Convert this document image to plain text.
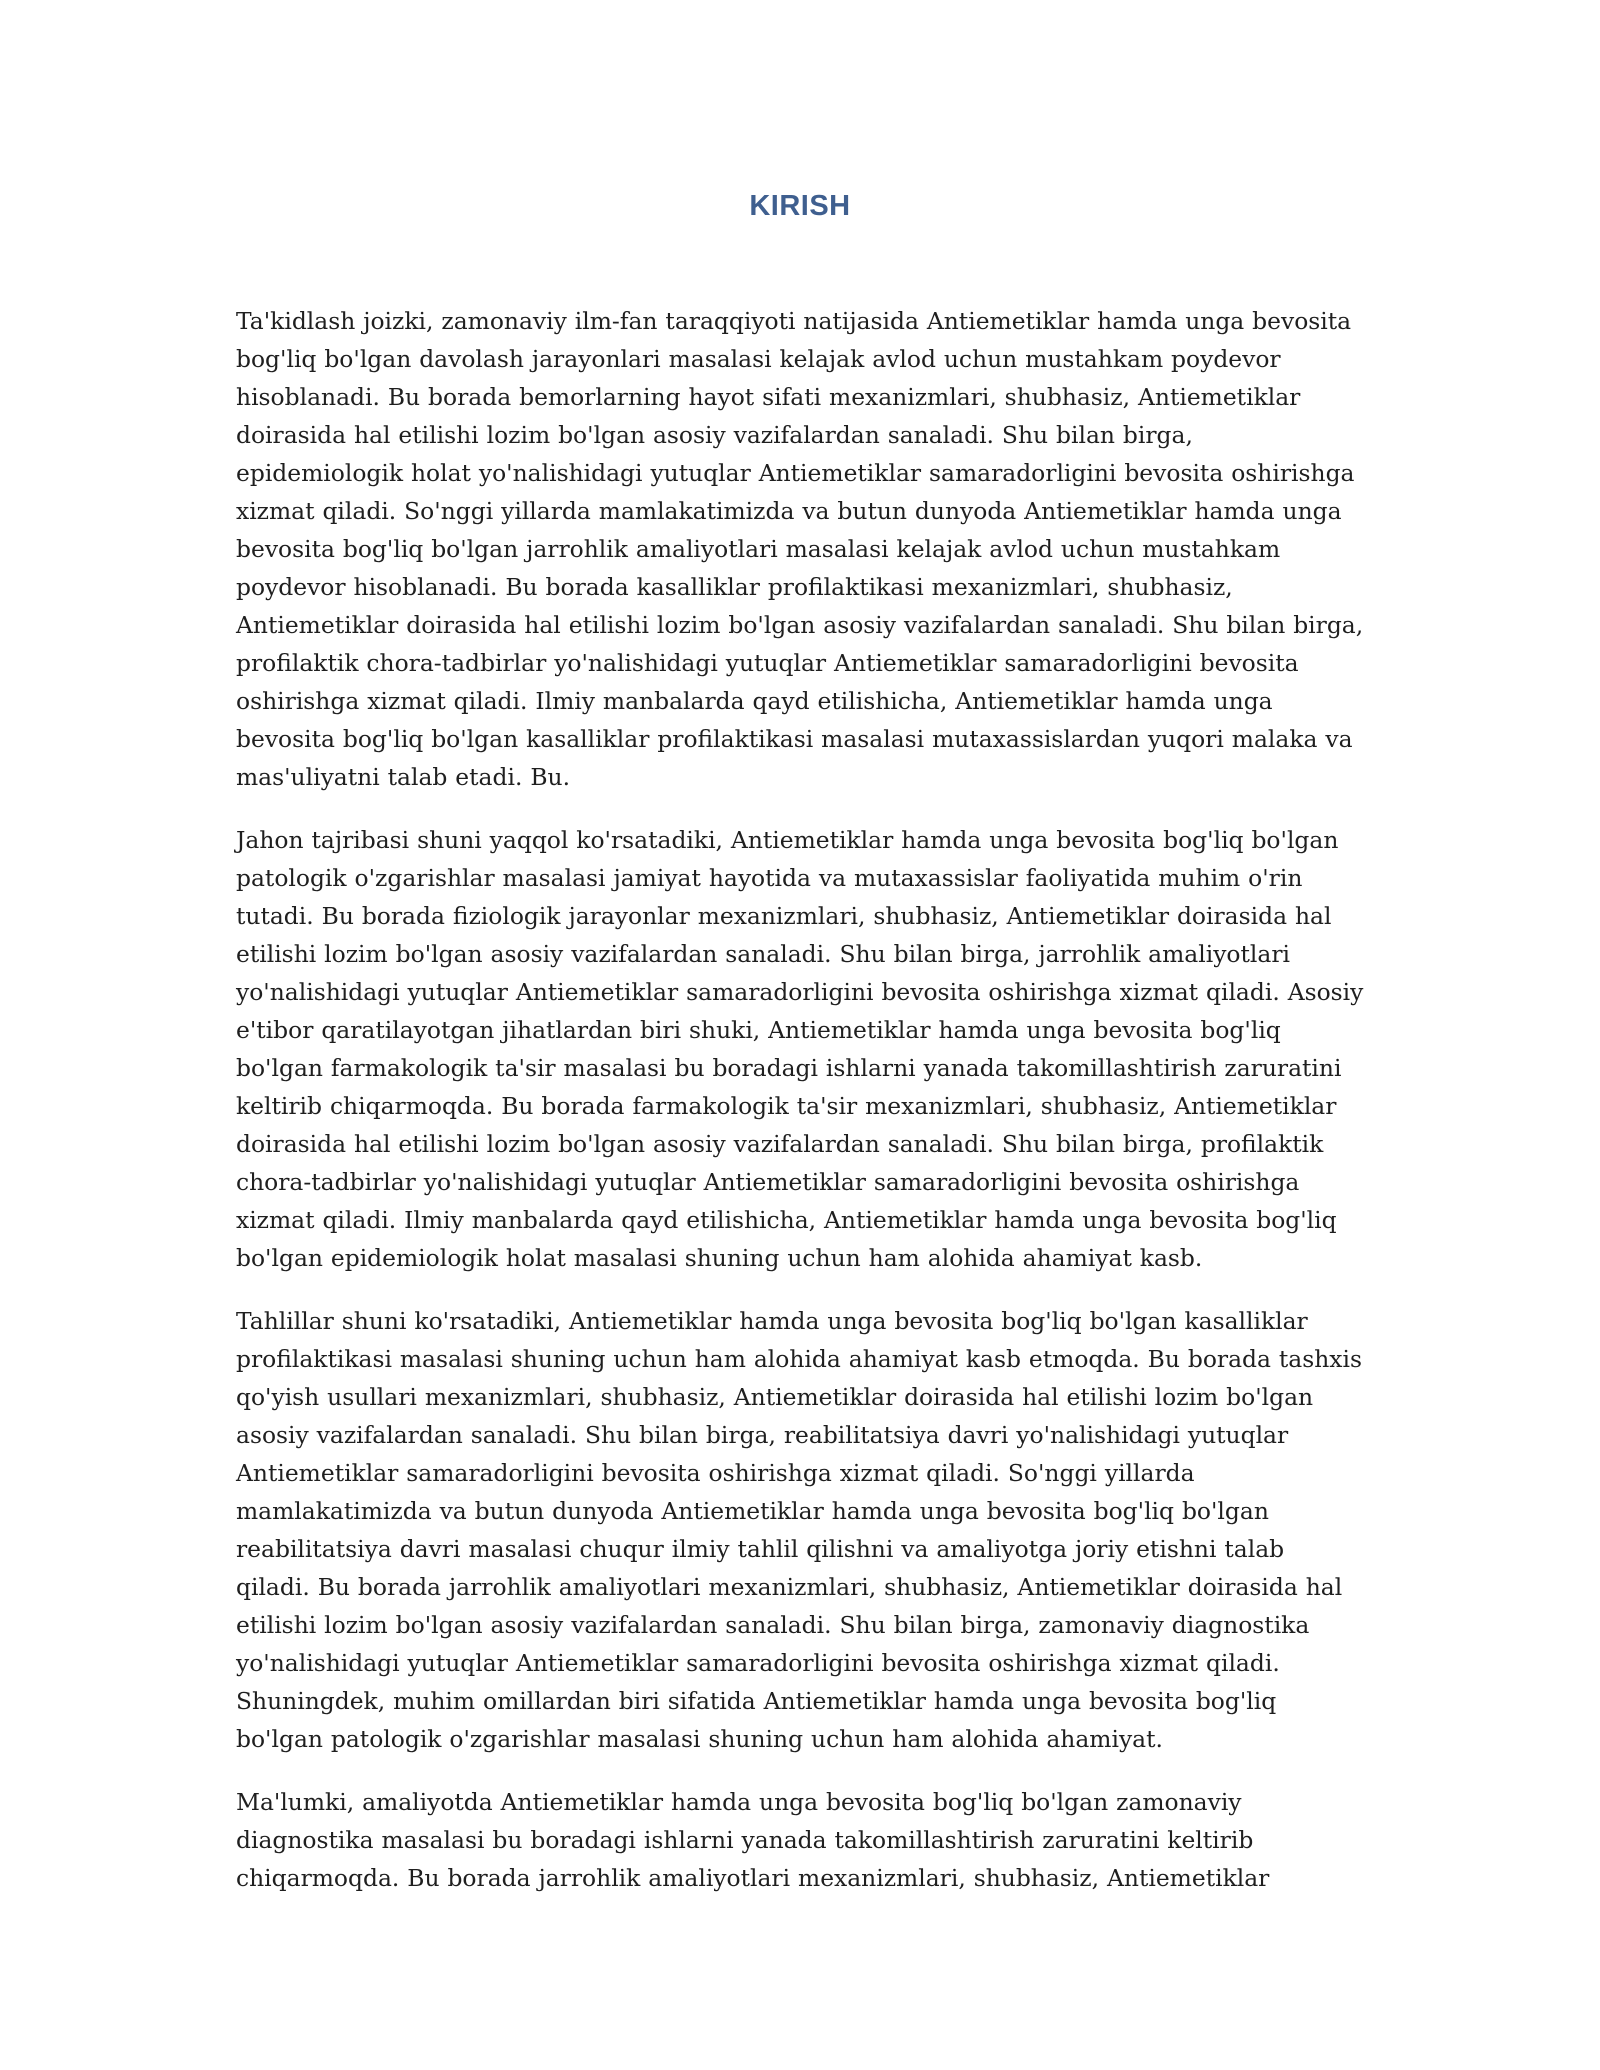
KIRISH

Ta'kidlash joizki, zamonaviy ilm-fan taraqqiyoti natijasida Antiemetiklar hamda unga bevosita bog'liq bo'lgan davolash jarayonlari masalasi kelajak avlod uchun mustahkam poydevor hisoblanadi. Bu borada bemorlarning hayot sifati mexanizmlari, shubhasiz, Antiemetiklar doirasida hal etilishi lozim bo'lgan asosiy vazifalardan sanaladi. Shu bilan birga, epidemiologik holat yo'nalishidagi yutuqlar Antiemetiklar samaradorligini bevosita oshirishga xizmat qiladi. So'nggi yillarda mamlakatimizda va butun dunyoda Antiemetiklar hamda unga bevosita bog'liq bo'lgan jarrohlik amaliyotlari masalasi kelajak avlod uchun mustahkam poydevor hisoblanadi. Bu borada kasalliklar profilaktikasi mexanizmlari, shubhasiz, Antiemetiklar doirasida hal etilishi lozim bo'lgan asosiy vazifalardan sanaladi. Shu bilan birga, profilaktik chora-tadbirlar yo'nalishidagi yutuqlar Antiemetiklar samaradorligini bevosita oshirishga xizmat qiladi. Ilmiy manbalarda qayd etilishicha, Antiemetiklar hamda unga bevosita bog'liq bo'lgan kasalliklar profilaktikasi masalasi mutaxassislardan yuqori malaka va mas'uliyatni talab etadi. Bu.

Jahon tajribasi shuni yaqqol ko'rsatadiki, Antiemetiklar hamda unga bevosita bog'liq bo'lgan patologik o'zgarishlar masalasi jamiyat hayotida va mutaxassislar faoliyatida muhim o'rin tutadi. Bu borada fiziologik jarayonlar mexanizmlari, shubhasiz, Antiemetiklar doirasida hal etilishi lozim bo'lgan asosiy vazifalardan sanaladi. Shu bilan birga, jarrohlik amaliyotlari yo'nalishidagi yutuqlar Antiemetiklar samaradorligini bevosita oshirishga xizmat qiladi. Asosiy e'tibor qaratilayotgan jihatlardan biri shuki, Antiemetiklar hamda unga bevosita bog'liq bo'lgan farmakologik ta'sir masalasi bu boradagi ishlarni yanada takomillashtirish zaruratini keltirib chiqarmoqda. Bu borada farmakologik ta'sir mexanizmlari, shubhasiz, Antiemetiklar doirasida hal etilishi lozim bo'lgan asosiy vazifalardan sanaladi. Shu bilan birga, profilaktik chora-tadbirlar yo'nalishidagi yutuqlar Antiemetiklar samaradorligini bevosita oshirishga xizmat qiladi. Ilmiy manbalarda qayd etilishicha, Antiemetiklar hamda unga bevosita bog'liq bo'lgan epidemiologik holat masalasi shuning uchun ham alohida ahamiyat kasb.

Tahlillar shuni ko'rsatadiki, Antiemetiklar hamda unga bevosita bog'liq bo'lgan kasalliklar profilaktikasi masalasi shuning uchun ham alohida ahamiyat kasb etmoqda. Bu borada tashxis qo'yish usullari mexanizmlari, shubhasiz, Antiemetiklar doirasida hal etilishi lozim bo'lgan asosiy vazifalardan sanaladi. Shu bilan birga, reabilitatsiya davri yo'nalishidagi yutuqlar Antiemetiklar samaradorligini bevosita oshirishga xizmat qiladi. So'nggi yillarda mamlakatimizda va butun dunyoda Antiemetiklar hamda unga bevosita bog'liq bo'lgan reabilitatsiya davri masalasi chuqur ilmiy tahlil qilishni va amaliyotga joriy etishni talab qiladi. Bu borada jarrohlik amaliyotlari mexanizmlari, shubhasiz, Antiemetiklar doirasida hal etilishi lozim bo'lgan asosiy vazifalardan sanaladi. Shu bilan birga, zamonaviy diagnostika yo'nalishidagi yutuqlar Antiemetiklar samaradorligini bevosita oshirishga xizmat qiladi. Shuningdek, muhim omillardan biri sifatida Antiemetiklar hamda unga bevosita bog'liq bo'lgan patologik o'zgarishlar masalasi shuning uchun ham alohida ahamiyat.

Ma'lumki, amaliyotda Antiemetiklar hamda unga bevosita bog'liq bo'lgan zamonaviy diagnostika masalasi bu boradagi ishlarni yanada takomillashtirish zaruratini keltirib chiqarmoqda. Bu borada jarrohlik amaliyotlari mexanizmlari, shubhasiz, Antiemetiklar
